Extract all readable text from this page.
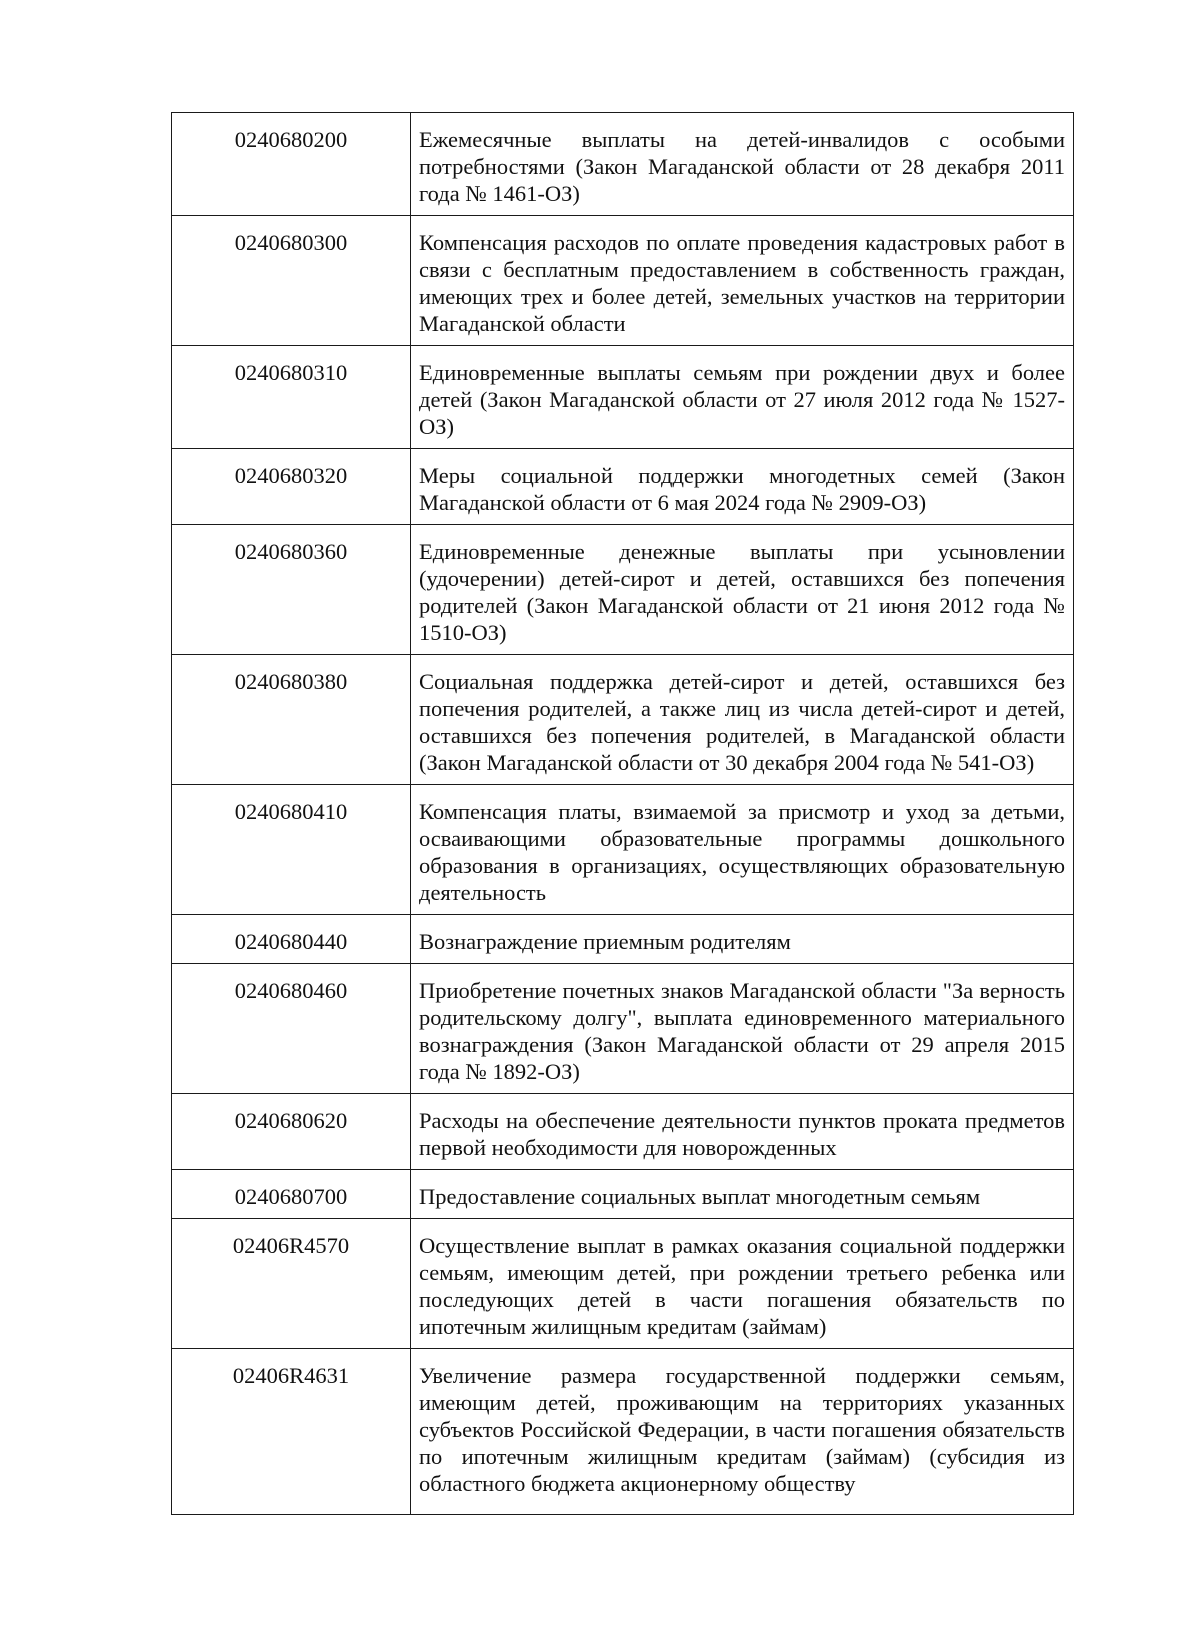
0240680200	Ежемесячные выплаты на детей-инвалидов с особыми потребностями (Закон Магаданской области от 28 декабря 2011 года № 1461-ОЗ)
0240680300	Компенсация расходов по оплате проведения кадастровых работ в связи с бесплатным предоставлением в собственность граждан, имеющих трех и более детей, земельных участков на территории Магаданской области
0240680310	Единовременные выплаты семьям при рождении двух и более детей (Закон Магаданской области от 27 июля 2012 года № 1527-ОЗ)
0240680320	Меры социальной поддержки многодетных семей (Закон Магаданской области от 6 мая 2024 года № 2909-ОЗ)
0240680360	Единовременные денежные выплаты при усыновлении (удочерении) детей-сирот и детей, оставшихся без попечения родителей (Закон Магаданской области от 21 июня 2012 года № 1510-ОЗ)
0240680380	Социальная поддержка детей-сирот и детей, оставшихся без попечения родителей, а также лиц из числа детей-сирот и детей, оставшихся без попечения родителей, в Магаданской области (Закон Магаданской области от 30 декабря 2004 года № 541-ОЗ)
0240680410	Компенсация платы, взимаемой за присмотр и уход за детьми, осваивающими образовательные программы дошкольного образования в организациях, осуществляющих образовательную деятельность
0240680440	Вознаграждение приемным родителям
0240680460	Приобретение почетных знаков Магаданской области "За верность родительскому долгу", выплата единовременного материального вознаграждения (Закон Магаданской области от 29 апреля 2015 года № 1892-ОЗ)
0240680620	Расходы на обеспечение деятельности пунктов проката предметов первой необходимости для новорожденных
0240680700	Предоставление социальных выплат многодетным семьям
02406R4570	Осуществление выплат в рамках оказания социальной поддержки семьям, имеющим детей, при рождении третьего ребенка или последующих детей в части погашения обязательств по ипотечным жилищным кредитам (займам)
02406R4631	Увеличение размера государственной поддержки семьям, имеющим детей, проживающим на территориях указанных субъектов Российской Федерации, в части погашения обязательств по ипотечным жилищным кредитам (займам) (субсидия из областного бюджета акционерному обществу
